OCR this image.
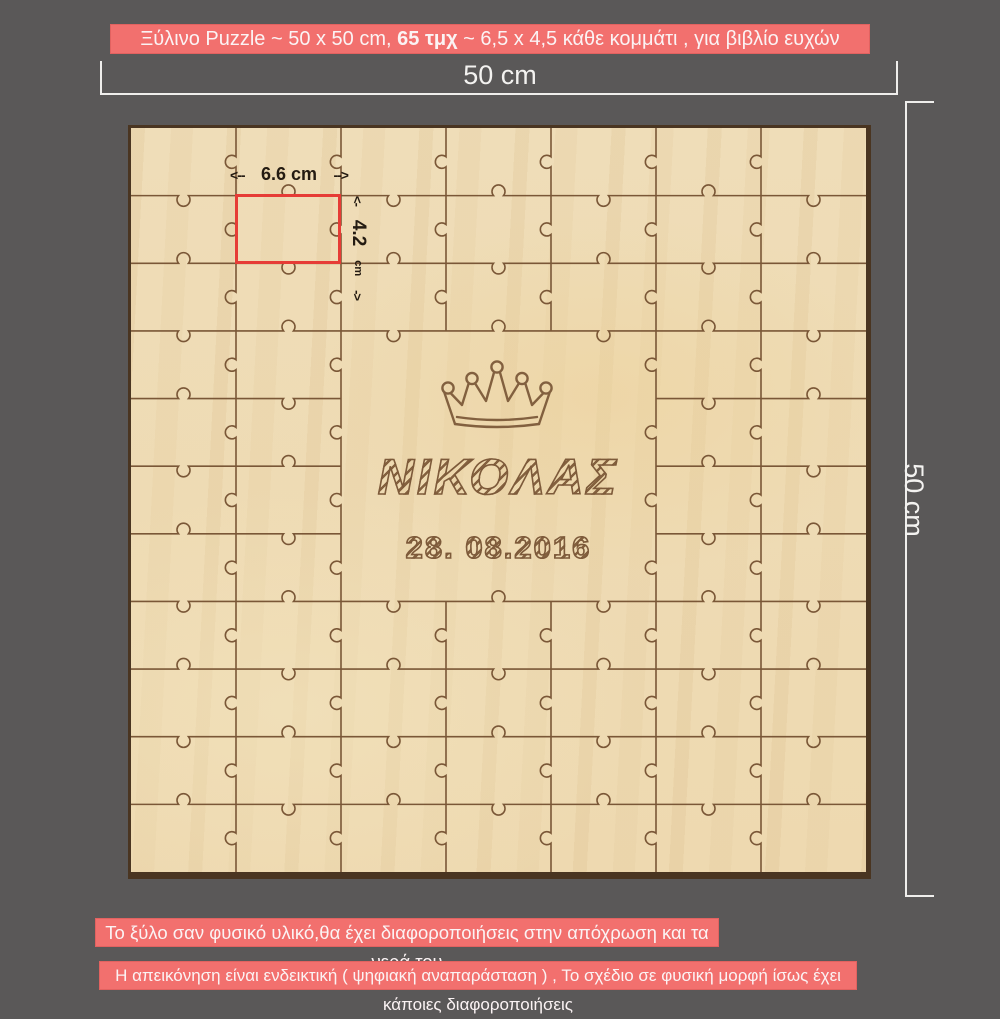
Ξύλινο Puzzle ~ 50 x 50 cm, 65 τμχ ~ 6,5 x 4,5 κάθε κομμάτι , για βιβλίο ευχών
50 cm
50 cm
ΝΙΚΟΛΑΣ
28. 08.2016
<-- 6.6 cm -->
<-
4.2
cm
->
Το ξύλο σαν φυσικό υλικό,θα έχει διαφοροποιήσεις στην απόχρωση και τα
Η απεικόνηση είναι ενδεικτική ( ψηφιακή αναπαράσταση ) , Το σχέδιο σε φυσική μορφή ίσως έχει κάποιες διαφοροποιήσεις
